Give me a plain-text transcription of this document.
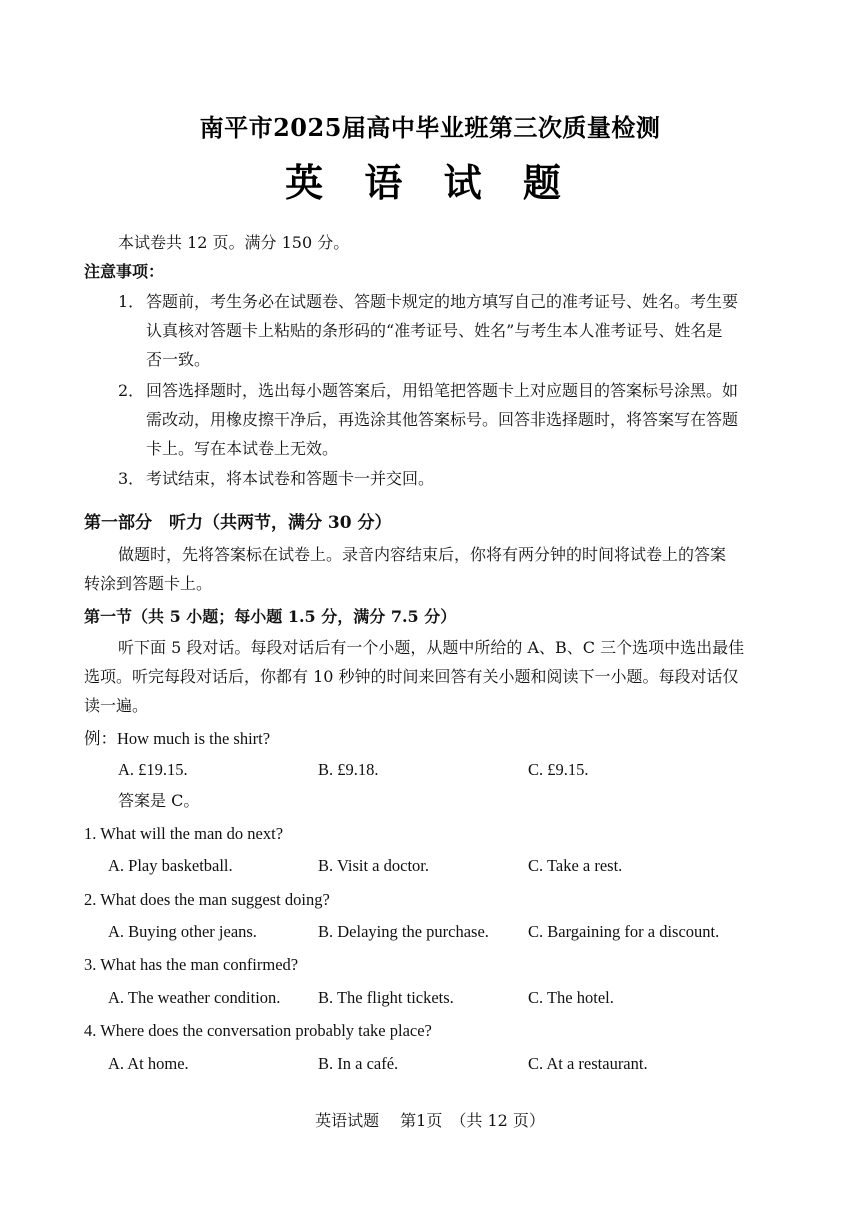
南平市2025届高中毕业班第三次质量检测
英 语 试 题
本试卷共 12 页。满分 150 分。
注意事项：
1． 答题前，考生务必在试题卷、答题卡规定的地方填写自己的准考证号、姓名。考生要
认真核对答题卡上粘贴的条形码的“准考证号、姓名”与考生本人准考证号、姓名是
否一致。
2． 回答选择题时，选出每小题答案后，用铅笔把答题卡上对应题目的答案标号涂黑。如
需改动，用橡皮擦干净后，再选涂其他答案标号。回答非选择题时，将答案写在答题
卡上。写在本试卷上无效。
3． 考试结束，将本试卷和答题卡一并交回。
第一部分　听力（共两节，满分 30 分）
做题时，先将答案标在试卷上。录音内容结束后，你将有两分钟的时间将试卷上的答案
转涂到答题卡上。
第一节（共 5 小题；每小题 1.5 分，满分 7.5 分）
听下面 5 段对话。每段对话后有一个小题，从题中所给的 A、B、C 三个选项中选出最佳
选项。听完每段对话后，你都有 10 秒钟的时间来回答有关小题和阅读下一小题。每段对话仅
读一遍。
例：How much is the shirt?
A. £19.15.	B. £9.18.	C. £9.15.
答案是 C。
1. What will the man do next?
A. Play basketball.	B. Visit a doctor.	C. Take a rest.
2. What does the man suggest doing?
A. Buying other jeans.	B. Delaying the purchase. C. Bargaining for a discount.
3. What has the man confirmed?
A. The weather condition. B. The flight tickets.	C. The hotel.
4. Where does the conversation probably take place?
A. At home.	B. In a café.	C. At a restaurant.
英语试题　 第1页　（共 12 页）
